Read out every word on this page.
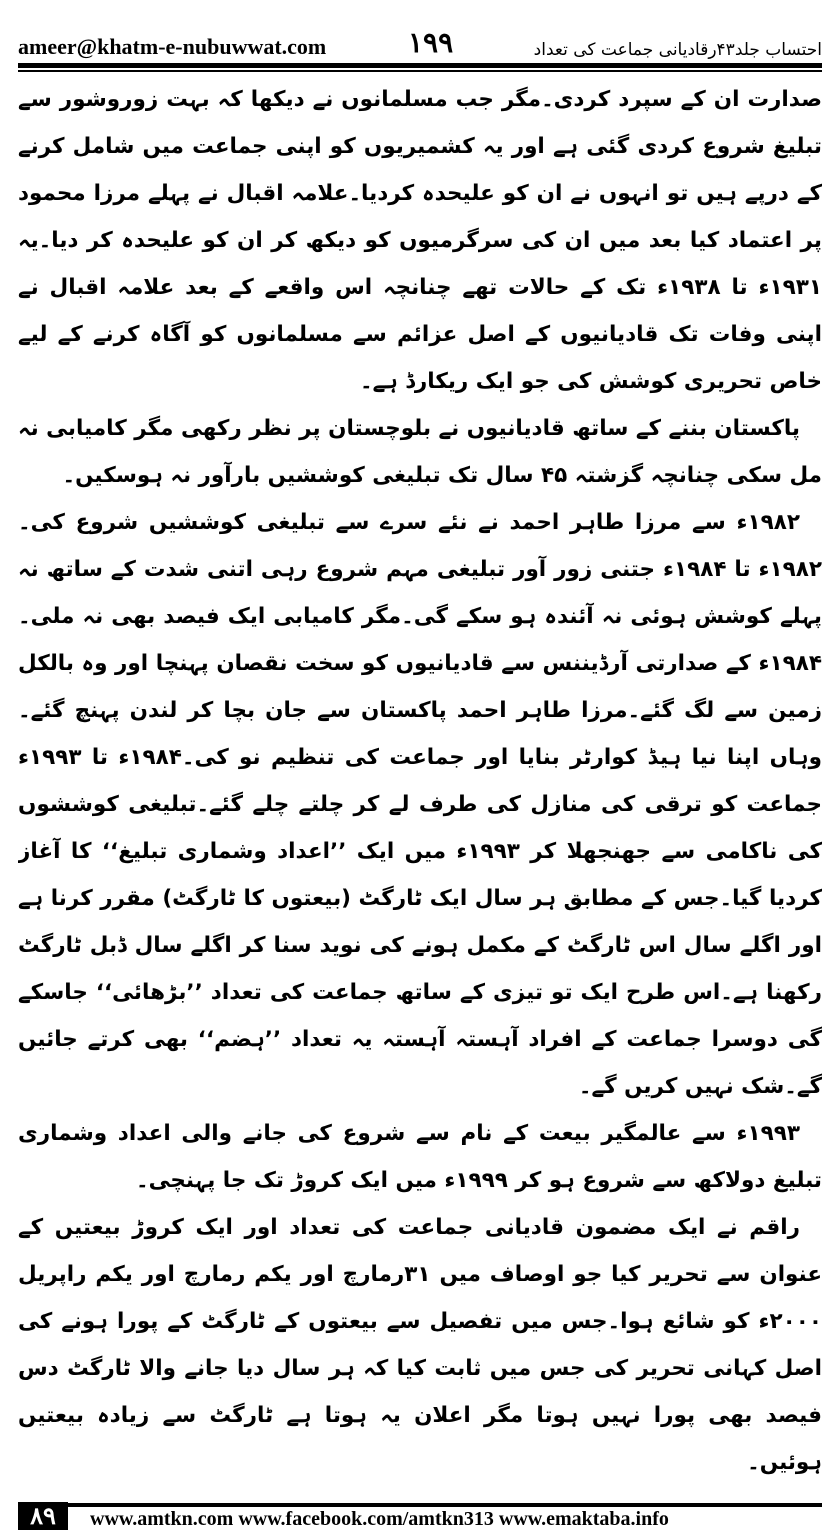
ameer@khatm-e-nubuwwat.com	۱۹۹	احتساب جلد۴۳رقادیانی جماعت کی تعداد

صدارت ان کے سپرد کردی۔مگر جب مسلمانوں نے دیکھا کہ بہت زوروشور سے تبلیغ شروع کردی گئی ہے اور یہ کشمیریوں کو اپنی جماعت میں شامل کرنے کے درپے ہیں تو انہوں نے ان کو علیحدہ کردیا۔علامہ اقبال نے پہلے مرزا محمود پر اعتماد کیا بعد میں ان کی سرگرمیوں کو دیکھ کر ان کو علیحدہ کر دیا۔یہ ۱۹۳۱ء تا ۱۹۳۸ء تک کے حالات تھے چنانچہ اس واقعے کے بعد علامہ اقبال نے اپنی وفات تک قادیانیوں کے اصل عزائم سے مسلمانوں کو آگاہ کرنے کے لیے خاص تحریری کوشش کی جو ایک ریکارڈ ہے۔

پاکستان بننے کے ساتھ قادیانیوں نے بلوچستان پر نظر رکھی مگر کامیابی نہ مل سکی چنانچہ گزشتہ ۴۵ سال تک تبلیغی کوششیں بارآور نہ ہوسکیں۔

۱۹۸۲ء سے مرزا طاہر احمد نے نئے سرے سے تبلیغی کوششیں شروع کی۔۱۹۸۲ء تا ۱۹۸۴ء جتنی زور آور تبلیغی مہم شروع رہی اتنی شدت کے ساتھ نہ پہلے کوشش ہوئی نہ آئندہ ہو سکے گی۔مگر کامیابی ایک فیصد بھی نہ ملی۔۱۹۸۴ء کے صدارتی آرڈیننس سے قادیانیوں کو سخت نقصان پہنچا اور وہ بالکل زمین سے لگ گئے۔مرزا طاہر احمد پاکستان سے جان بچا کر لندن پہنچ گئے۔وہاں اپنا نیا ہیڈ کوارٹر بنایا اور جماعت کی تنظیم نو کی۔۱۹۸۴ء تا ۱۹۹۳ء جماعت کو ترقی کی منازل کی طرف لے کر چلتے چلے گئے۔تبلیغی کوششوں کی ناکامی سے جھنجھلا کر ۱۹۹۳ء میں ایک ’’اعداد وشماری تبلیغ‘‘ کا آغاز کردیا گیا۔جس کے مطابق ہر سال ایک ٹارگٹ (بیعتوں کا ٹارگٹ) مقرر کرنا ہے اور اگلے سال اس ٹارگٹ کے مکمل ہونے کی نوید سنا کر اگلے سال ڈبل ٹارگٹ رکھنا ہے۔اس طرح ایک تو تیزی کے ساتھ جماعت کی تعداد ’’بڑھائی‘‘ جاسکے گی دوسرا جماعت کے افراد آہستہ آہستہ یہ تعداد ’’ہضم‘‘ بھی کرتے جائیں گے۔شک نہیں کریں گے۔

۱۹۹۳ء سے عالمگیر بیعت کے نام سے شروع کی جانے والی اعداد وشماری تبلیغ دولاکھ سے شروع ہو کر ۱۹۹۹ء میں ایک کروڑ تک جا پہنچی۔

راقم نے ایک مضمون قادیانی جماعت کی تعداد اور ایک کروڑ بیعتیں کے عنوان سے تحریر کیا جو اوصاف میں ۳۱رمارچ اور یکم رمارچ اور یکم راپریل ۲۰۰۰ء کو شائع ہوا۔جس میں تفصیل سے بیعتوں کے ٹارگٹ کے پورا ہونے کی اصل کہانی تحریر کی جس میں ثابت کیا کہ ہر سال دیا جانے والا ٹارگٹ دس فیصد بھی پورا نہیں ہوتا مگر اعلان یہ ہوتا ہے ٹارگٹ سے زیادہ بیعتیں ہوئیں۔

۸۹	www.amtkn.com www.facebook.com/amtkn313 www.emaktaba.info
